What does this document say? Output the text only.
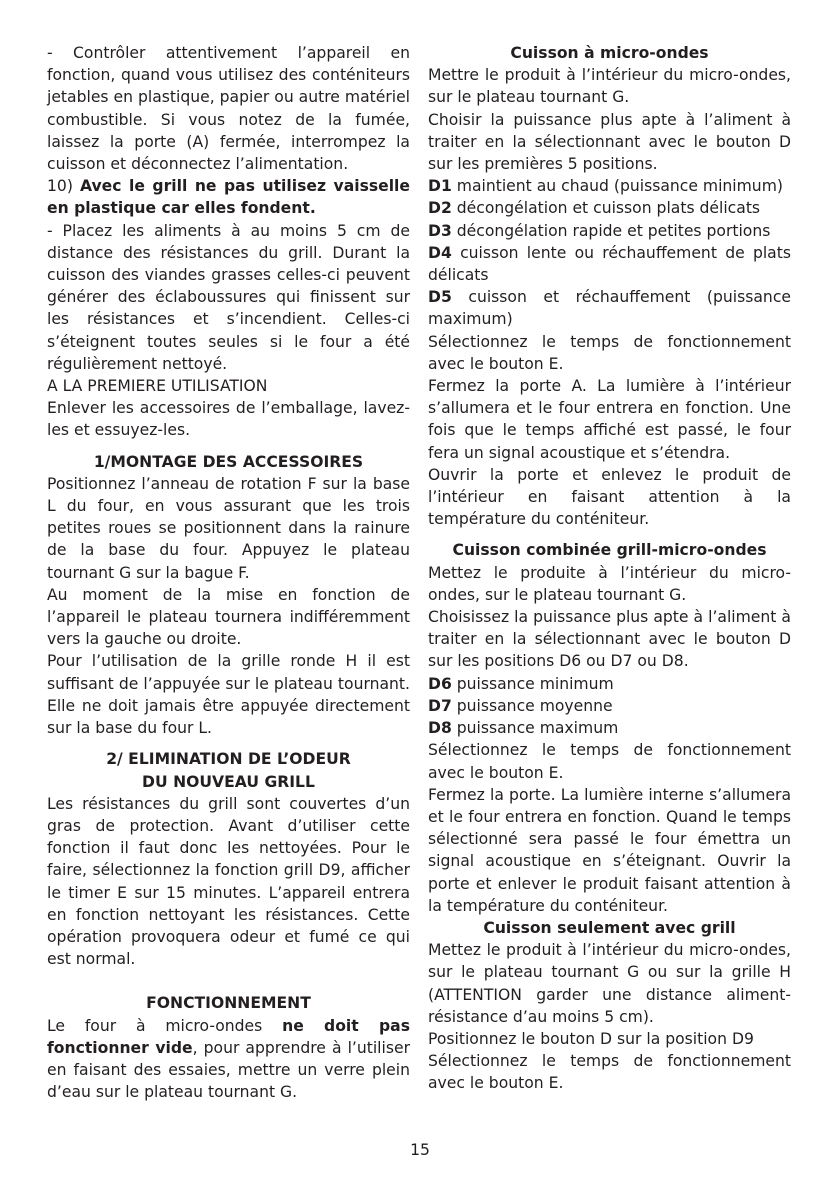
- Contrôler attentivement l’appareil en fonction, quand vous utilisez des conténiteurs jetables en plastique, papier ou autre matériel combustible. Si vous notez de la fumée, laissez la porte (A) fermée, interrompez la cuisson et déconnectez l’alimentation.

10) Avec le grill ne pas utilisez vaisselle en plastique car elles fondent.

- Placez les aliments à au moins 5 cm de distance des résistances du grill. Durant la cuisson des viandes grasses celles-ci peuvent générer des éclaboussures qui finissent sur les résistances et s’incendient. Celles-ci s’éteignent toutes seules si le four a été régulièrement nettoyé.

A LA PREMIERE UTILISATION

Enlever les accessoires de l’emballage, lavez-les et essuyez-les.

1/MONTAGE DES ACCESSOIRES

Positionnez l’anneau de rotation F sur la base L du four, en vous assurant que les trois petites roues se positionnent dans la rainure de la base du four. Appuyez le plateau tournant G sur la bague F.

Au moment de la mise en fonction de l’appareil le plateau tournera indifféremment vers la gauche ou droite.

Pour l’utilisation de la grille ronde H il est suffisant de l’appuyée sur le plateau tournant. Elle ne doit jamais être appuyée directement sur la base du four L.

2/ ELIMINATION DE L’ODEUR

DU NOUVEAU GRILL

Les résistances du grill sont couvertes d’un gras de protection. Avant d’utiliser cette fonction il faut donc les nettoyées. Pour le faire, sélectionnez la fonction grill D9, afficher le timer E sur 15 minutes. L’appareil entrera en fonction nettoyant les résistances. Cette opération provoquera odeur et fumé ce qui est normal.

FONCTIONNEMENT

Le four à micro-ondes ne doit pas fonctionner vide, pour apprendre à l’utiliser en faisant des essaies, mettre un verre plein d’eau sur le plateau tournant G.

Cuisson à micro-ondes

Mettre le produit à l’intérieur du micro-ondes, sur le plateau tournant G.

Choisir la puissance plus apte à l’aliment à traiter en la sélectionnant avec le bouton D sur les premières 5 positions.

D1 maintient au chaud (puissance minimum)

D2 décongélation et cuisson plats délicats

D3 décongélation rapide et petites portions

D4 cuisson lente ou réchauffement de plats délicats

D5 cuisson et réchauffement (puissance maximum)

Sélectionnez le temps de fonctionnement avec le bouton E.

Fermez la porte A. La lumière à l’intérieur s’allumera et le four entrera en fonction. Une fois que le temps affiché est passé, le four fera un signal acoustique et s’étendra.

Ouvrir la porte et enlevez le produit de l’intérieur en faisant attention à la température du conténiteur.

Cuisson combinée grill-micro-ondes

Mettez le produite à l’intérieur du micro-ondes, sur le plateau tournant G.

Choisissez la puissance plus apte à l’aliment à traiter en la sélectionnant avec le bouton D sur les positions D6 ou D7 ou D8.

D6 puissance minimum

D7 puissance moyenne

D8 puissance maximum

Sélectionnez le temps de fonctionnement avec le bouton E.

Fermez la porte. La lumière interne s’allumera et le four entrera en fonction. Quand le temps sélectionné sera passé le four émettra un signal acoustique en s’éteignant. Ouvrir la porte et enlever le produit faisant attention à la température du conténiteur.

Cuisson seulement avec grill

Mettez le produit à l’intérieur du micro-ondes, sur le plateau tournant G ou sur la grille H (ATTENTION garder une distance aliment-résistance d’au moins 5 cm).

Positionnez le bouton D sur la position D9

Sélectionnez le temps de fonctionnement avec le bouton E.

15
